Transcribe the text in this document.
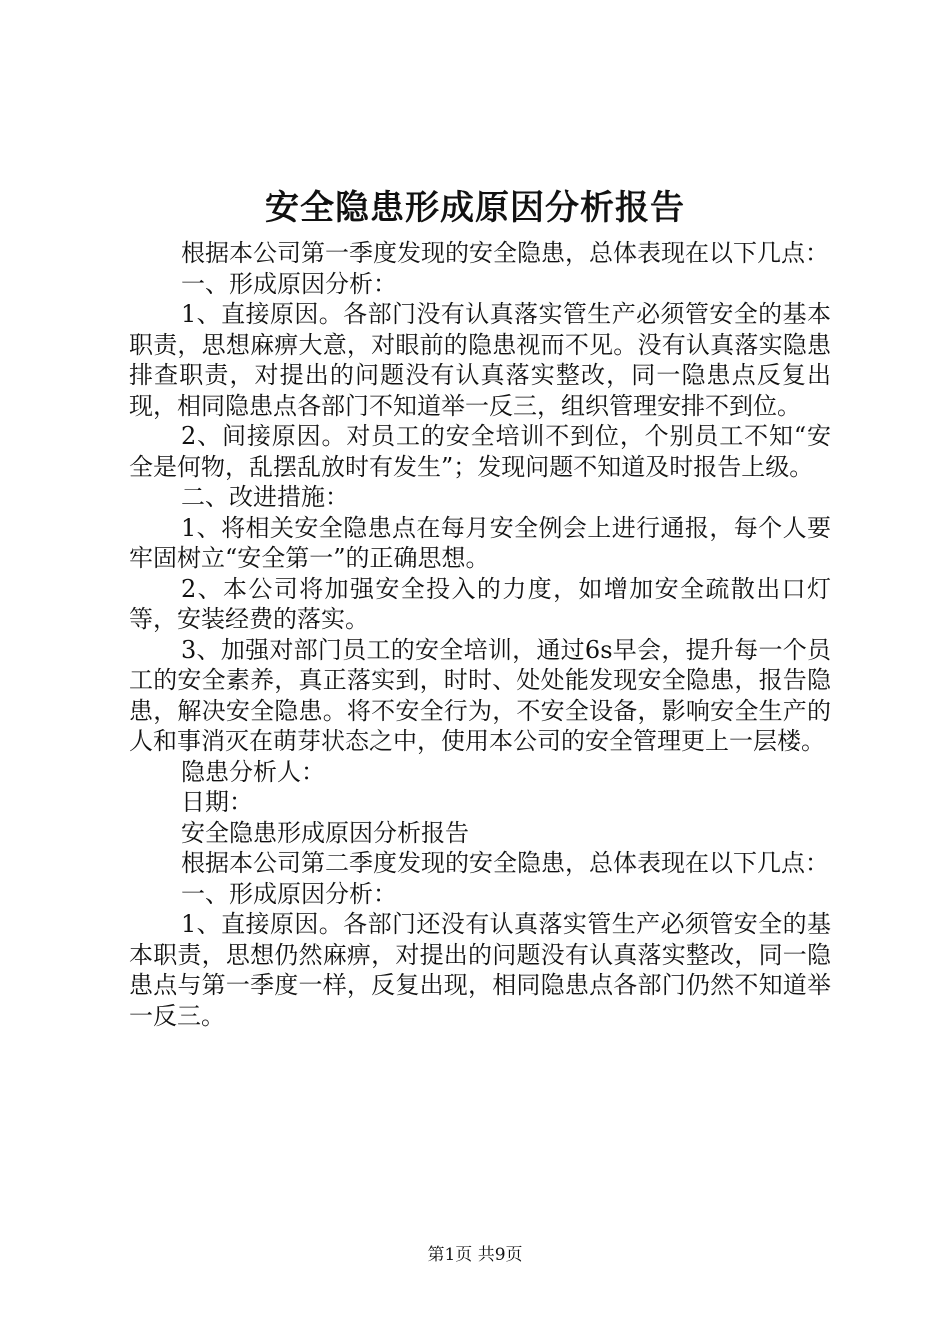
安全隐患形成原因分析报告

根据本公司第一季度发现的安全隐患，总体表现在以下几点：

一、形成原因分析：

1、直接原因。各部门没有认真落实管生产必须管安全的基本职责，思想麻痹大意，对眼前的隐患视而不见。没有认真落实隐患排查职责，对提出的问题没有认真落实整改，同一隐患点反复出现，相同隐患点各部门不知道举一反三，组织管理安排不到位。

2、间接原因。对员工的安全培训不到位，个别员工不知“安全是何物，乱摆乱放时有发生”；发现问题不知道及时报告上级。

二、改进措施：

1、将相关安全隐患点在每月安全例会上进行通报，每个人要牢固树立“安全第一”的正确思想。

2、本公司将加强安全投入的力度，如增加安全疏散出口灯等，安装经费的落实。

3、加强对部门员工的安全培训，通过6s早会，提升每一个员工的安全素养，真正落实到，时时、处处能发现安全隐患，报告隐患，解决安全隐患。将不安全行为，不安全设备，影响安全生产的人和事消灭在萌芽状态之中，使用本公司的安全管理更上一层楼。

隐患分析人：

日期：

安全隐患形成原因分析报告

根据本公司第二季度发现的安全隐患，总体表现在以下几点：

一、形成原因分析：

1、直接原因。各部门还没有认真落实管生产必须管安全的基本职责，思想仍然麻痹，对提出的问题没有认真落实整改，同一隐患点与第一季度一样，反复出现，相同隐患点各部门仍然不知道举一反三。

第1页 共9页
